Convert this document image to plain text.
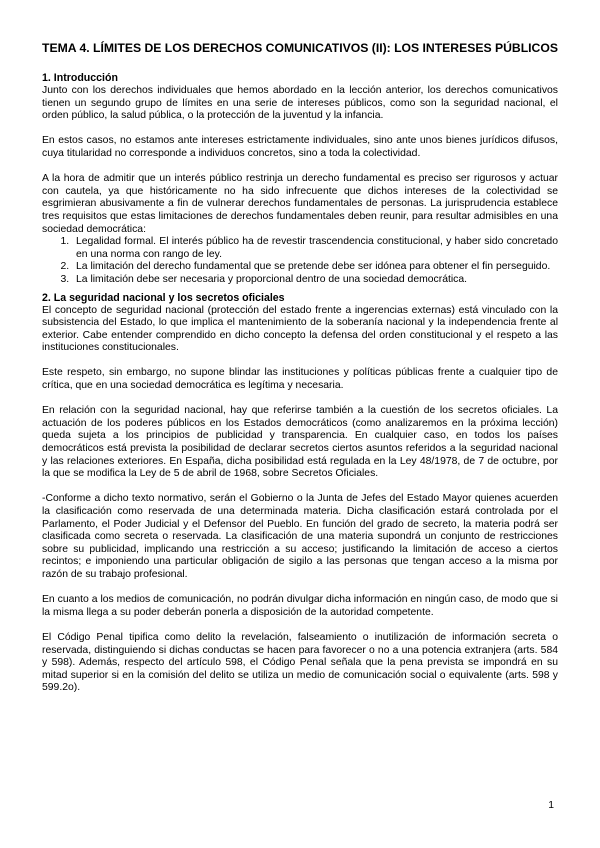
TEMA 4. LÍMITES DE LOS DERECHOS COMUNICATIVOS (II): LOS INTERESES PÚBLICOS
1. Introducción

Junto con los derechos individuales que hemos abordado en la lección anterior, los derechos comunicativos tienen un segundo grupo de límites en una serie de intereses públicos, como son la seguridad nacional, el orden público, la salud pública, o la protección de la juventud y la infancia.

En estos casos, no estamos ante intereses estrictamente individuales, sino ante unos bienes jurídicos difusos, cuya titularidad no corresponde a individuos concretos, sino a toda la colectividad.

A la hora de admitir que un interés público restrinja un derecho fundamental es preciso ser rigurosos y actuar con cautela, ya que históricamente no ha sido infrecuente que dichos intereses de la colectividad se esgrimieran abusivamente a fin de vulnerar derechos fundamentales de personas. La jurisprudencia establece tres requisitos que estas limitaciones de derechos fundamentales deben reunir, para resultar admisibles en una sociedad democrática:

1. Legalidad formal. El interés público ha de revestir trascendencia constitucional, y haber sido concretado en una norma con rango de ley.
2. La limitación del derecho fundamental que se pretende debe ser idónea para obtener el fin perseguido.
3. La limitación debe ser necesaria y proporcional dentro de una sociedad democrática.
2. La seguridad nacional y los secretos oficiales

El concepto de seguridad nacional (protección del estado frente a ingerencias externas) está vinculado con la subsistencia del Estado, lo que implica el mantenimiento de la soberanía nacional y la independencia frente al exterior. Cabe entender comprendido en dicho concepto la defensa del orden constitucional y el respeto a las instituciones constitucionales.

Este respeto, sin embargo, no supone blindar las instituciones y políticas públicas frente a cualquier tipo de crítica, que en una sociedad democrática es legítima y necesaria.

En relación con la seguridad nacional, hay que referirse también a la cuestión de los secretos oficiales. La actuación de los poderes públicos en los Estados democráticos (como analizaremos en la próxima lección) queda sujeta a los principios de publicidad y transparencia. En cualquier caso, en todos los países democráticos está prevista la posibilidad de declarar secretos ciertos asuntos referidos a la seguridad nacional y las relaciones exteriores. En España, dicha posibilidad está regulada en la Ley 48/1978, de 7 de octubre, por la que se modifica la Ley de 5 de abril de 1968, sobre Secretos Oficiales.

-Conforme a dicho texto normativo, serán el Gobierno o la Junta de Jefes del Estado Mayor quienes acuerden la clasificación como reservada de una determinada materia. Dicha clasificación estará controlada por el Parlamento, el Poder Judicial y el Defensor del Pueblo. En función del grado de secreto, la materia podrá ser clasificada como secreta o reservada. La clasificación de una materia supondrá un conjunto de restricciones sobre su publicidad, implicando una restricción a su acceso; justificando la limitación de acceso a ciertos recintos; e imponiendo una particular obligación de sigilo a las personas que tengan acceso a la misma por razón de su trabajo profesional.

En cuanto a los medios de comunicación, no podrán divulgar dicha información en ningún caso, de modo que si la misma llega a su poder deberán ponerla a disposición de la autoridad competente.

El Código Penal tipifica como delito la revelación, falseamiento o inutilización de información secreta o reservada, distinguiendo si dichas conductas se hacen para favorecer o no a una potencia extranjera (arts. 584 y 598). Además, respecto del artículo 598, el Código Penal señala que la pena prevista se impondrá en su mitad superior si en la comisión del delito se utiliza un medio de comunicación social o equivalente (arts. 598 y 599.2o).

1
